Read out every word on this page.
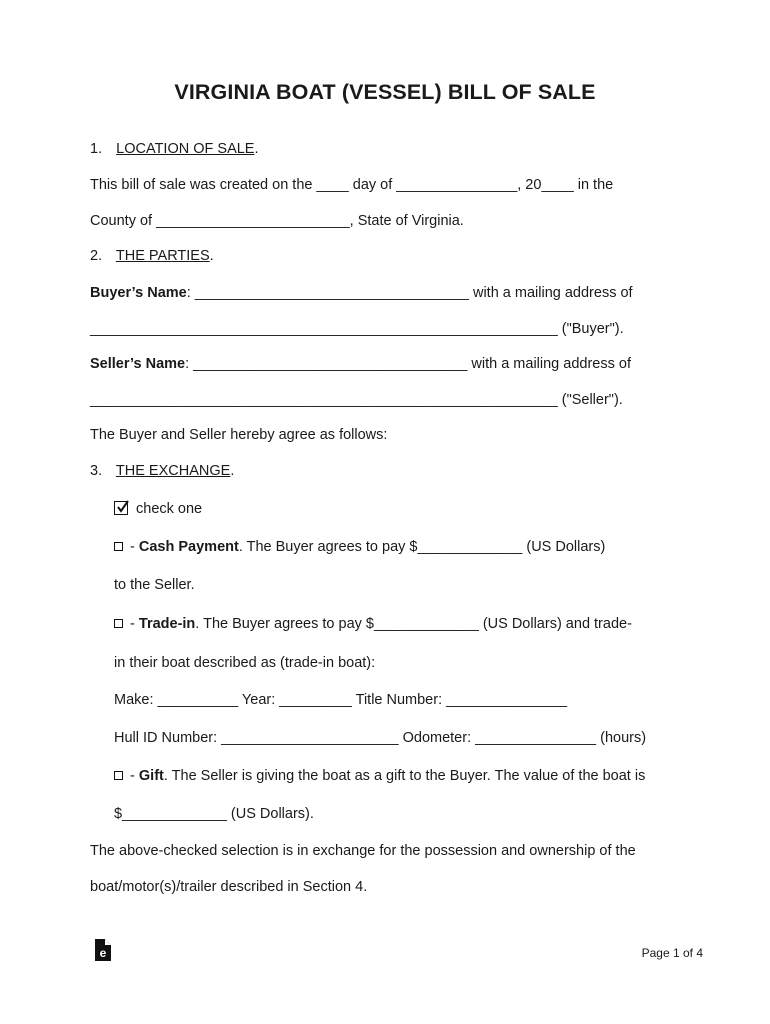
VIRGINIA BOAT (VESSEL) BILL OF SALE
1. LOCATION OF SALE.
This bill of sale was created on the ____ day of _______________, 20____ in the
County of ________________________, State of Virginia.
2. THE PARTIES.
Buyer’s Name: __________________________________ with a mailing address of
__________________________________________________________ ("Buyer").
Seller’s Name: __________________________________ with a mailing address of
__________________________________________________________ ("Seller").
The Buyer and Seller hereby agree as follows:
3. THE EXCHANGE.
check one
- Cash Payment. The Buyer agrees to pay $_____________ (US Dollars)
to the Seller.
- Trade-in. The Buyer agrees to pay $_____________ (US Dollars) and trade-
in their boat described as (trade-in boat):
Make: __________ Year: _________ Title Number: _______________
Hull ID Number: ______________________ Odometer: _______________ (hours)
- Gift. The Seller is giving the boat as a gift to the Buyer. The value of the boat is
$_____________ (US Dollars).
The above-checked selection is in exchange for the possession and ownership of the
boat/motor(s)/trailer described in Section 4.
e	Page 1 of 4
